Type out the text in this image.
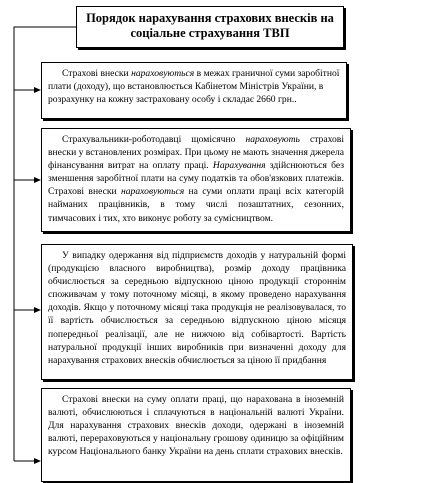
Порядок нарахування страхових внесків на
соціальне страхування ТВП

Страхові внески нараховуються в межах граничної суми заробітної плати (доходу), що встановлюється Кабінетом Міністрів України, в розрахунку на кожну застраховану особу і складає 2660 грн..

Страхувальники-роботодавці щомісячно нараховують страхові внески у встановлених розмірах. При цьому не мають значення джерела фінансування витрат на оплату праці. Нарахування здійснюються без зменшення заробітної плати на суму податків та обов'язкових платежів. Страхові внески нараховуються на суми оплати праці всіх категорій найманих працівників, в тому числі позаштатних, сезонних, тимчасових і тих, хто виконує роботу за сумісництвом.

У випадку одержання від підприємств доходів у натуральній формі (продукцією власного виробництва), розмір доходу працівника обчислюється за середньою відпускною ціною продукції стороннім споживачам у тому поточному місяці, в якому проведено нарахування доходів. Якщо у поточному місяці така продукція не реалізовувалася, то її вартість обчислюється за середньою відпускною ціною місяця попередньої реалізації, але не нижчою від собівартості. Вартість натуральної продукції інших виробників при визначенні доходу для нарахування страхових внесків обчислюється за ціною її придбання

Страхові внески на суму оплати праці, що нарахована в іноземній валюті, обчислюються і сплачуються в національній валюті України. Для нарахування страхових внесків доходи, одержані в іноземній валюті, перераховуються у національну грошову одиницю за офіційним курсом Національного банку України на день сплати страхових внесків.
